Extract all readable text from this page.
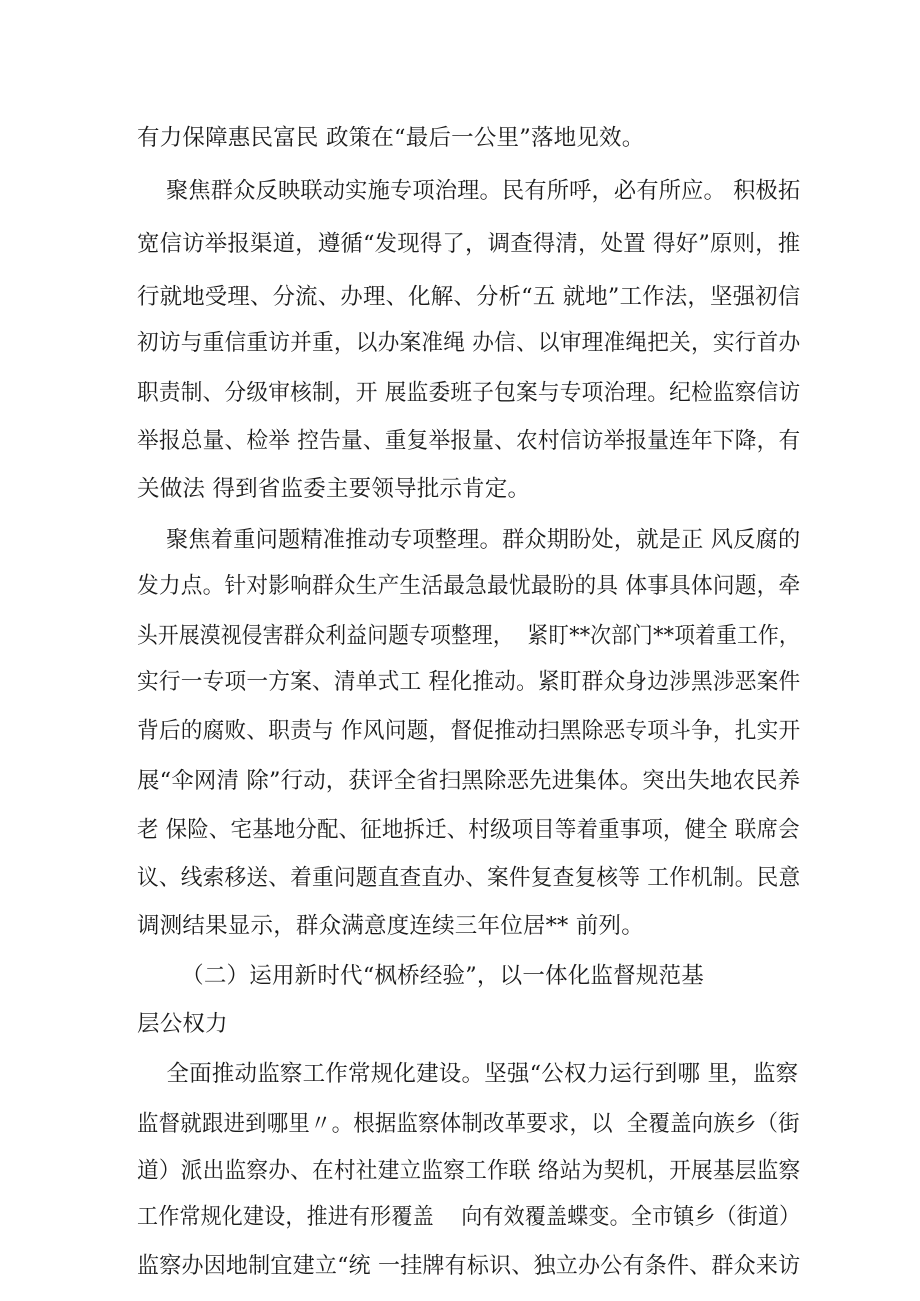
有力保障惠民富民 政策在“最后一公里”落地见效。
聚焦群众反映联动实施专项治理。民有所呼，必有所应。 积极拓
宽信访举报渠道，遵循“发现得了，调查得清，处置 得好”原则，推
行就地受理、分流、办理、化解、分析“五 就地”工作法，坚强初信
初访与重信重访并重，以办案准绳 办信、以审理准绳把关，实行首办
职责制、分级审核制，开 展监委班子包案与专项治理。纪检监察信访
举报总量、检举 控告量、重复举报量、农村信访举报量连年下降，有
关做法 得到省监委主要领导批示肯定。
聚焦着重问题精准推动专项整理。群众期盼处，就是正 风反腐的
发力点。针对影响群众生产生活最急最忧最盼的具 体事具体问题，牵
头开展漠视侵害群众利益问题专项整理，  紧盯**次部门**项着重工作，
实行一专项一方案、清单式工 程化推动。紧盯群众身边涉黑涉恶案件
背后的腐败、职责与 作风问题，督促推动扫黑除恶专项斗争，扎实开
展“伞网清 除”行动，获评全省扫黑除恶先进集体。突出失地农民养
老 保险、宅基地分配、征地拆迁、村级项目等着重事项，健全 联席会
议、线索移送、着重问题直查直办、案件复查复核等 工作机制。民意
调测结果显示，群众满意度连续三年位居** 前列。
（二）运用新时代“枫桥经验”，以一体化监督规范基
层公权力
全面推动监察工作常规化建设。坚强“公权力运行到哪 里，监察
监督就跟进到哪里〃。根据监察体制改革要求，以  全覆盖向族乡（街
道）派出监察办、在村社建立监察工作联 络站为契机，开展基层监察
工作常规化建设，推进有形覆盖    向有效覆盖蝶变。全市镇乡（街道）
监察办因地制宜建立“统 一挂牌有标识、独立办公有条件、群众来访
